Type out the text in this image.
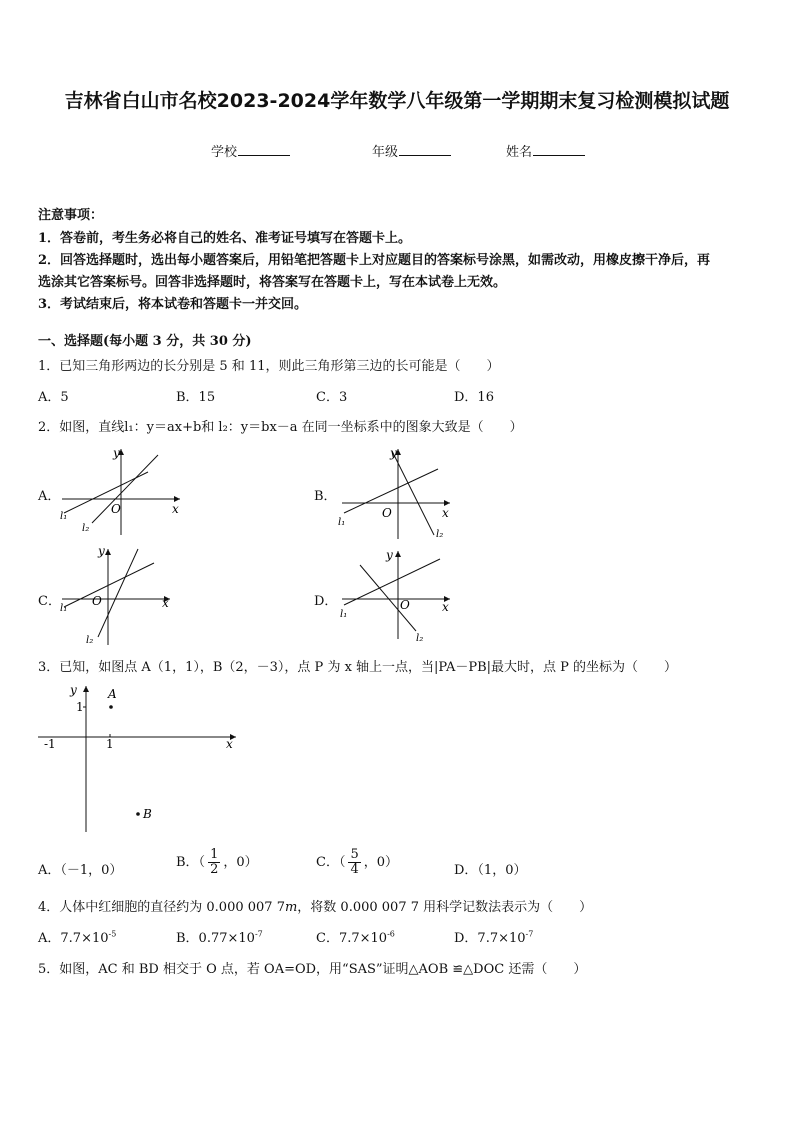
吉林省白山市名校2023-2024学年数学八年级第一学期期末复习检测模拟试题
学校	年级	姓名
注意事项：
1．答卷前，考生务必将自己的姓名、准考证号填写在答题卡上。
2．回答选择题时，选出每小题答案后，用铅笔把答题卡上对应题目的答案标号涂黑，如需改动，用橡皮擦干净后，再
选涂其它答案标号。回答非选择题时，将答案写在答题卡上，写在本试卷上无效。
3．考试结束后，将本试卷和答题卡一并交回。
一、选择题(每小题 3 分，共 30 分)
1．已知三角形两边的长分别是 5 和 11，则此三角形第三边的长可能是（　　）
A．5	B．15	C．3	D．16
2．如图，直线l₁：y＝ax+b和 l₂：y＝bx－a 在同一坐标系中的图象大致是（　　）
A．	B．
C．	D．
y
x
O
l₁
l₂
y
x
O
l₁
l₂
y
x
O
l₁
l₂
y
x
O
l₁
l₂
3．已知，如图点 A（1，1），B（2，－3），点 P 为 x 轴上一点，当|PA－PB|最大时，点 P 的坐标为（　　）
y
x
1
1
-1
A
B
A．（－1，0）
B．（ $\frac{1}{2}$ ，0）	C．（ $\frac{5}{4}$ ，0）
D．（1，0）
4．人体中红细胞的直径约为 0.000 007 7m，将数 0.000 007 7 用科学记数法表示为（　　）
A．$7.7\times 10^{-5}$	B．$0.77\times 10^{-7}$	C．$7.7\times 10^{-6}$	D．$7.7\times 10^{-7}$
5．如图，AC 和 BD 相交于 O 点，若 OA=OD，用“SAS”证明△AOB ≌△DOC 还需（　　）
